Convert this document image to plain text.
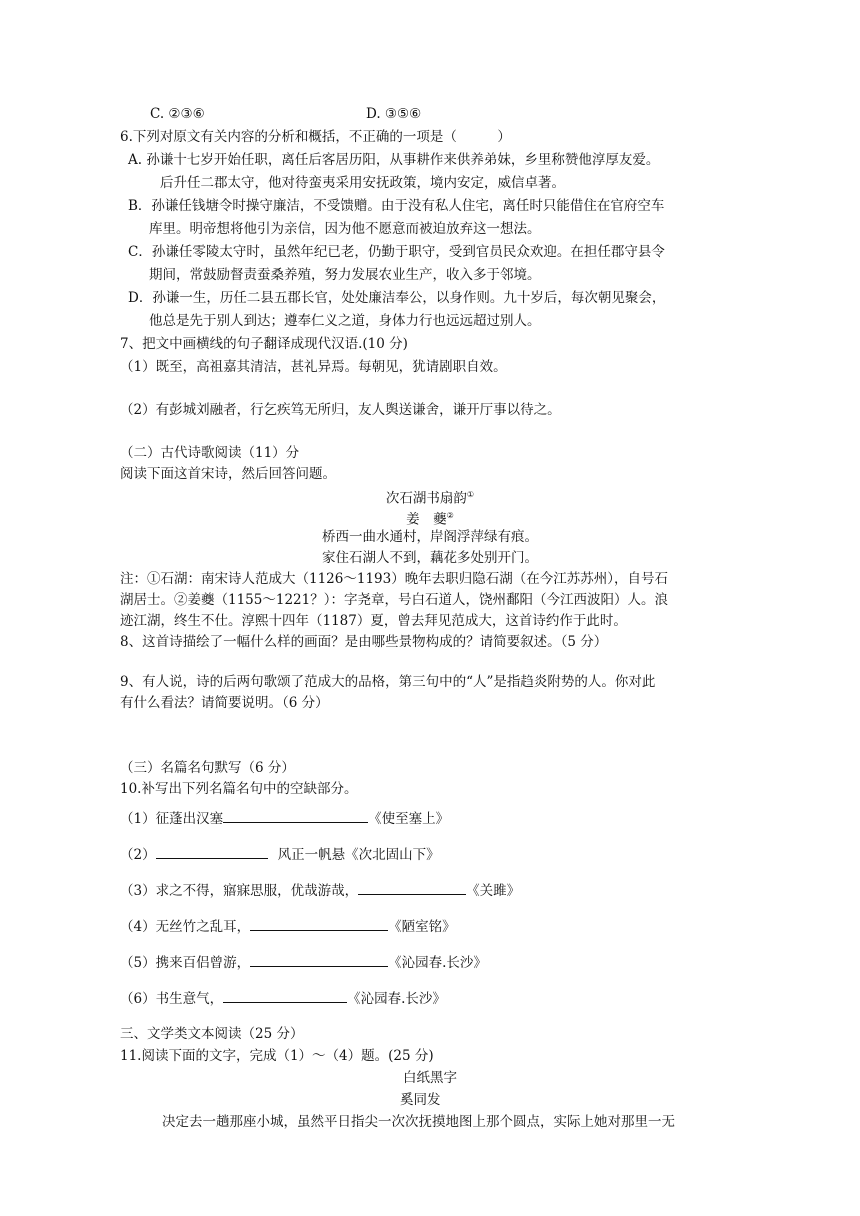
C. ②③⑥	D. ③⑤⑥
6.下列对原文有关内容的分析和概括，不正确的一项是（　　　）
A. 孙谦十七岁开始任职，离任后客居历阳，从事耕作来供养弟妹，乡里称赞他淳厚友爱。
后升任二郡太守，他对待蛮夷采用安抚政策，境内安定，威信卓著。
B．孙谦任钱塘令时操守廉洁，不受馈赠。由于没有私人住宅，离任时只能借住在官府空车
库里。明帝想将他引为亲信，因为他不愿意而被迫放弃这一想法。
C．孙谦任零陵太守时，虽然年纪已老，仍勤于职守，受到官员民众欢迎。在担任郡守县令
期间，常鼓励督责蚕桑养殖，努力发展农业生产，收入多于邻境。
D．孙谦一生，历任二县五郡长官，处处廉洁奉公，以身作则。九十岁后，每次朝见聚会，
他总是先于别人到达；遵奉仁义之道，身体力行也远远超过别人。
7、把文中画横线的句子翻译成现代汉语.(10 分)
（1）既至，高祖嘉其清洁，甚礼异焉。每朝见，犹请剧职自效。
（2）有彭城刘融者，行乞疾笃无所归，友人舆送谦舍，谦开厅事以待之。
（二）古代诗歌阅读（11）分
阅读下面这首宋诗，然后回答问题。
次石湖书扇韵①
姜　夔②
桥西一曲水通村，岸阁浮萍绿有痕。
家住石湖人不到，藕花多处别开门。
注：①石湖：南宋诗人范成大（1126～1193）晚年去职归隐石湖（在今江苏苏州），自号石
湖居士。②姜夔（1155～1221？）：字尧章，号白石道人，饶州鄱阳（今江西波阳）人。浪
迹江湖，终生不仕。淳熙十四年（1187）夏，曾去拜见范成大，这首诗约作于此时。
8、这首诗描绘了一幅什么样的画面？是由哪些景物构成的？请简要叙述。（5 分）
9、有人说，诗的后两句歌颂了范成大的品格，第三句中的“人”是指趋炎附势的人。你对此
有什么看法？请简要说明。（6 分）
（三）名篇名句默写（6 分）
10.补写出下列名篇名句中的空缺部分。
（1）征蓬出汉塞	《使至塞上》
（2）	风正一帆悬《次北固山下》
（3）求之不得，寤寐思服，优哉游哉，	《关雎》
（4）无丝竹之乱耳，	《陋室铭》
（5）携来百侣曾游，	《沁园春.长沙》
（6）书生意气，	《沁园春.长沙》
三、文学类文本阅读（25 分）
11.阅读下面的文字，完成（1）～（4）题。(25 分)
白纸黑字
奚同发
决定去一趟那座小城，虽然平日指尖一次次抚摸地图上那个圆点，实际上她对那里一无
